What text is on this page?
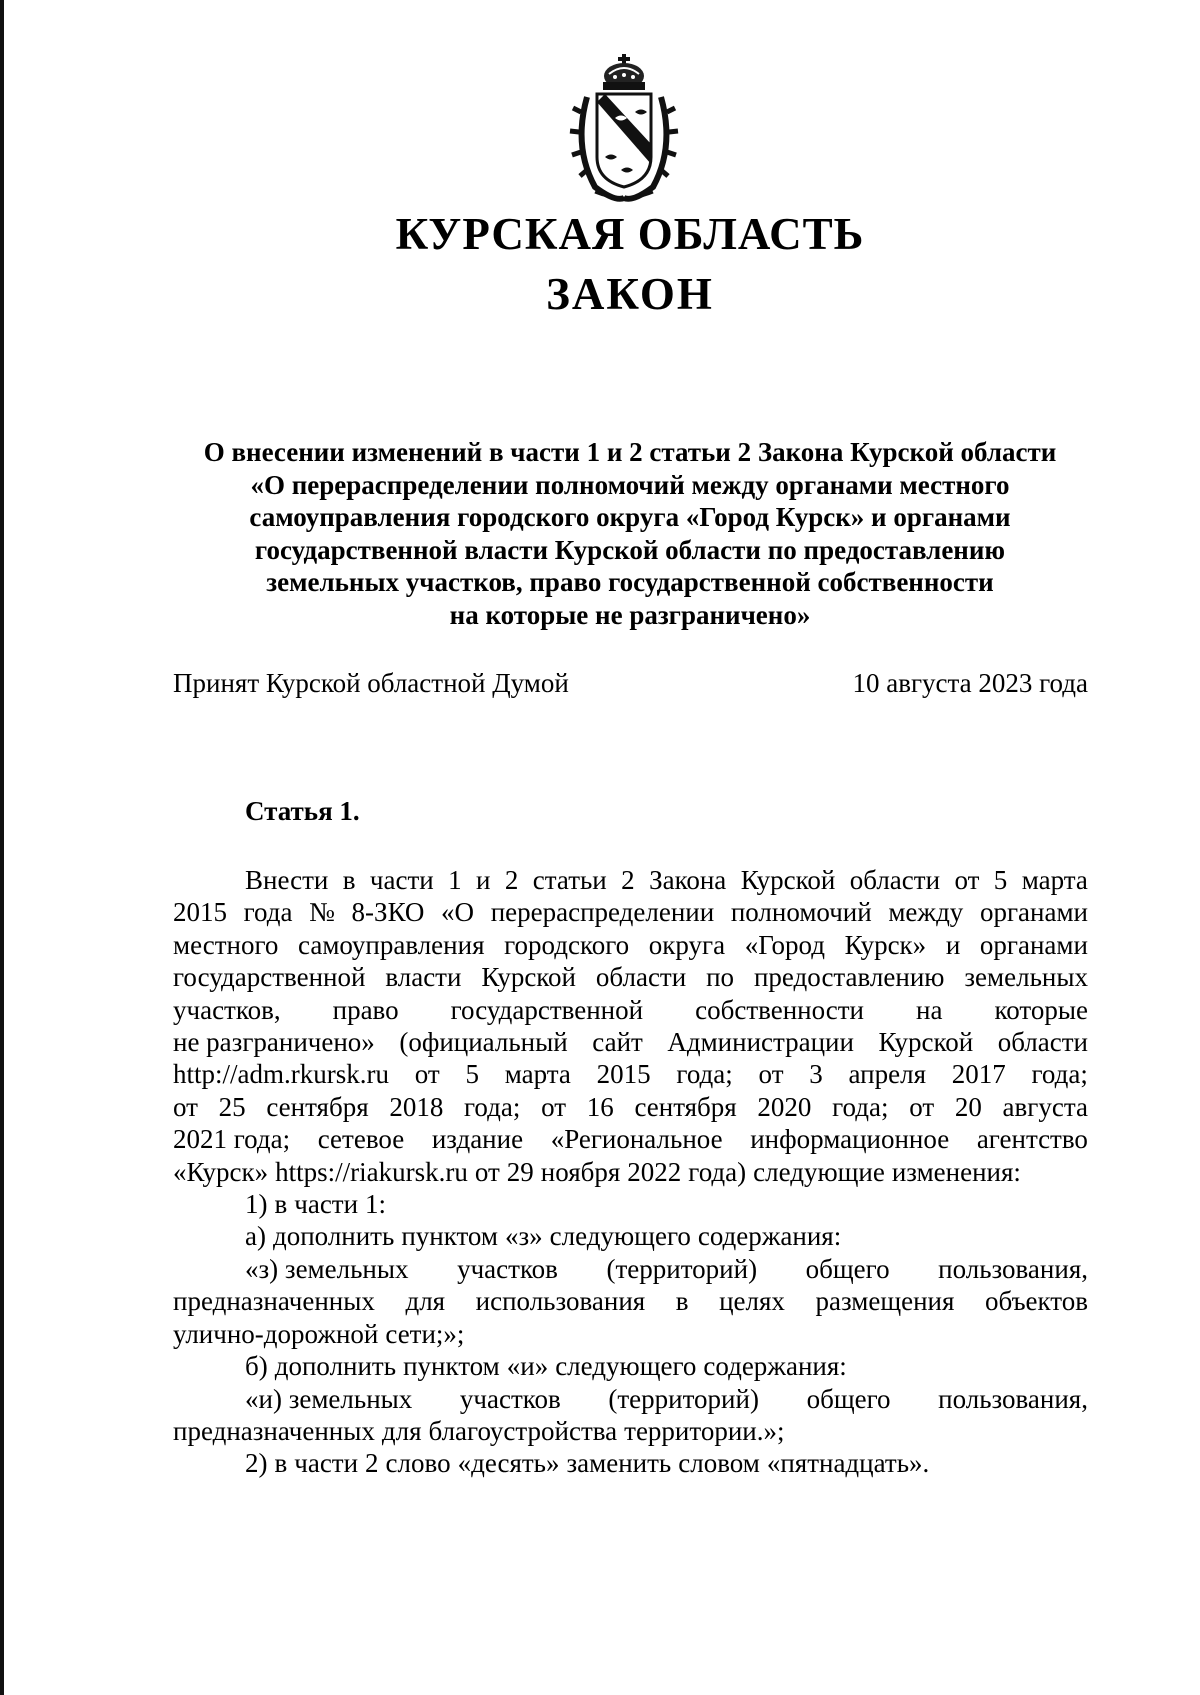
КУРСКАЯ ОБЛАСТЬ
ЗАКОН
О внесении изменений в части 1 и 2 статьи 2 Закона Курской области
«О перераспределении полномочий между органами местного
самоуправления городского округа «Город Курск» и органами
государственной власти Курской области по предоставлению
земельных участков, право государственной собственности
на которые не разграничено»
Принят Курской областной Думой	10 августа 2023 года
Статья 1.
Внести в части 1 и 2 статьи 2 Закона Курской области от 5 марта
2015 года № 8-ЗКО «О перераспределении полномочий между органами
местного самоуправления городского округа «Город Курск» и органами
государственной власти Курской области по предоставлению земельных
участков, право государственной собственности на которые
не разграничено» (официальный сайт Администрации Курской области
http://adm.rkursk.ru от 5 марта 2015 года; от 3 апреля 2017 года;
от 25 сентября 2018 года; от 16 сентября 2020 года; от 20 августа
2021 года; сетевое издание «Региональное информационное агентство
«Курск» https://riakursk.ru от 29 ноября 2022 года) следующие изменения:
1) в части 1:
а) дополнить пунктом «з» следующего содержания:
«з) земельных участков (территорий) общего пользования,
предназначенных для использования в целях размещения объектов
улично-дорожной сети;»;
б) дополнить пунктом «и» следующего содержания:
«и) земельных участков (территорий) общего пользования,
предназначенных для благоустройства территории.»;
2) в части 2 слово «десять» заменить словом «пятнадцать».
